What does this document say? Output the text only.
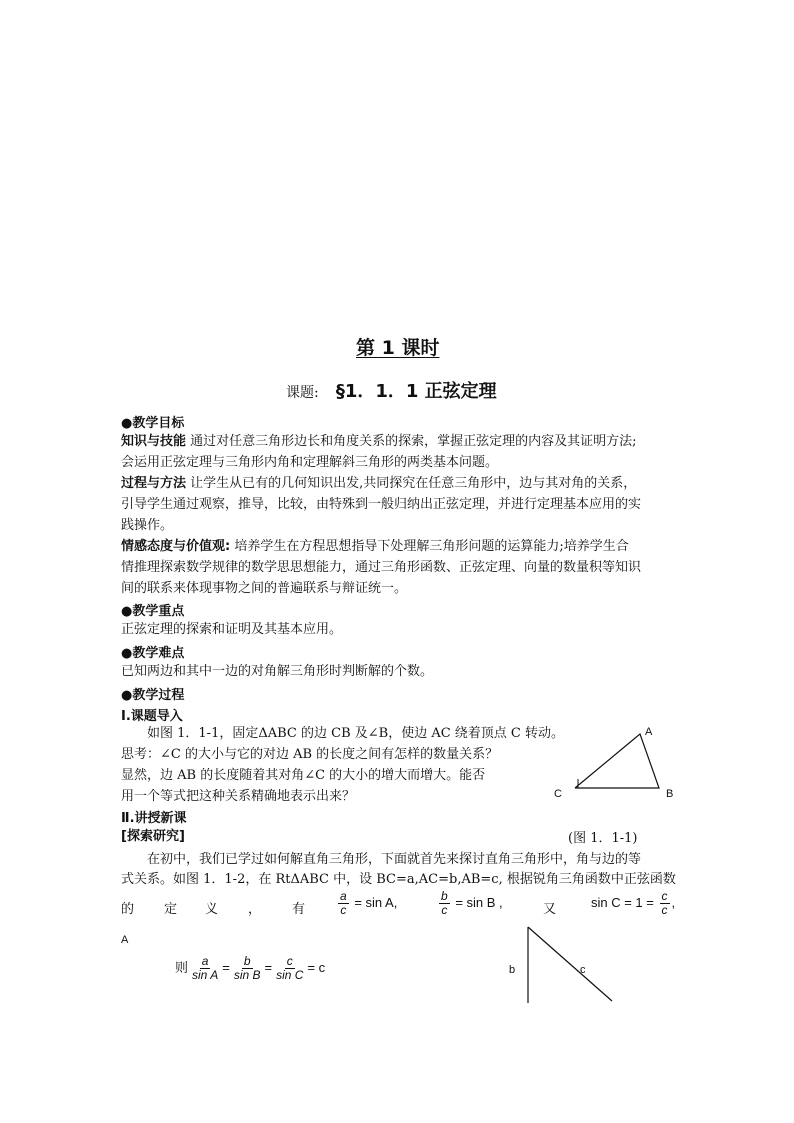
第 1 课时
课题: §1．1．1 正弦定理
●教学目标
知识与技能 通过对任意三角形边长和角度关系的探索，掌握正弦定理的内容及其证明方法;
会运用正弦定理与三角形内角和定理解斜三角形的两类基本问题。
过程与方法 让学生从已有的几何知识出发,共同探究在任意三角形中，边与其对角的关系，
引导学生通过观察，推导，比较，由特殊到一般归纳出正弦定理，并进行定理基本应用的实
践操作。
情感态度与价值观: 培养学生在方程思想指导下处理解三角形问题的运算能力;培养学生合
情推理探索数学规律的数学思思想能力，通过三角形函数、正弦定理、向量的数量积等知识
间的联系来体现事物之间的普遍联系与辩证统一。
●教学重点
正弦定理的探索和证明及其基本应用。
●教学难点
已知两边和其中一边的对角解三角形时判断解的个数。
●教学过程
Ⅰ.课题导入
如图 1．1-1，固定ΔABC 的边 CB 及∠B，使边 AC 绕着顶点 C 转动。
思考：∠C 的大小与它的对边 AB 的长度之间有怎样的数量关系？
显然，边 AB 的长度随着其对角∠C 的大小的增大而增大。能否
用一个等式把这种关系精确地表示出来？
A
C	B
Ⅱ.讲授新课
[探索研究]	(图 1．1-1)
在初中，我们已学过如何解直角三角形，下面就首先来探讨直角三角形中，角与边的等
式关系。如图 1．1-2，在 RtΔABC 中，设 BC=a,AC=b,AB=c, 根据锐角三角函数中正弦函数
的 定 义 ， 有	$\frac{a}{c} = \sin A$,	$\frac{b}{c} = \sin B$ ,	又	$\sin C = 1 = \frac{c}{c}$ ,
A
则 $\frac{a}{\text{sin A}} = \frac{b}{\text{sin B}} = \frac{c}{\text{sin C}} = c$	b	c
